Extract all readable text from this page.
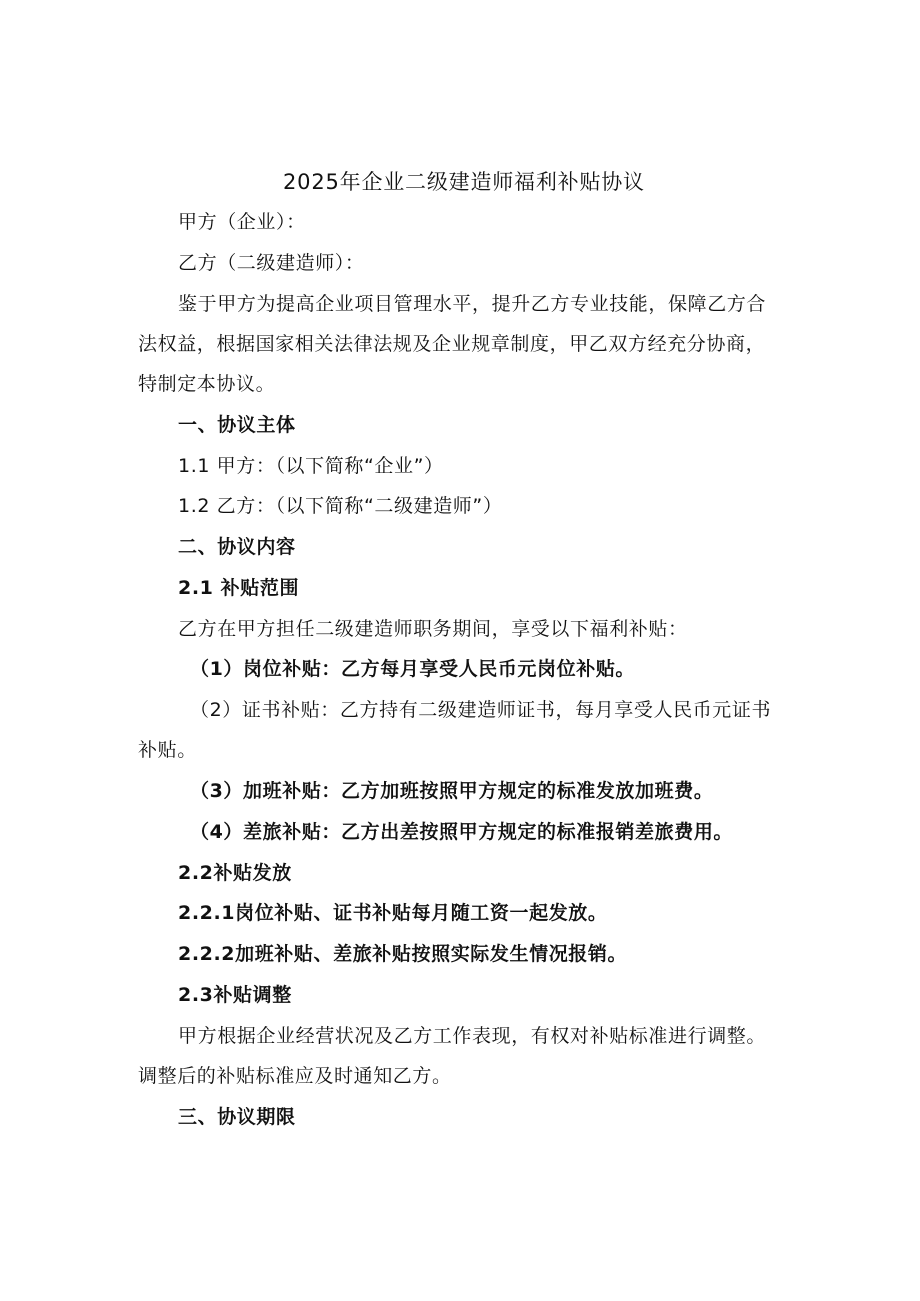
2025年企业二级建造师福利补贴协议
甲方（企业）：
乙方（二级建造师）：
鉴于甲方为提高企业项目管理水平，提升乙方专业技能，保障乙方合
法权益，根据国家相关法律法规及企业规章制度，甲乙双方经充分协商，
特制定本协议。
一、协议主体
1.1 甲方：（以下简称“企业”）
1.2 乙方：（以下简称“二级建造师”）
二、协议内容
2.1 补贴范围
乙方在甲方担任二级建造师职务期间，享受以下福利补贴：
（1）岗位补贴：乙方每月享受人民币元岗位补贴。
（2）证书补贴：乙方持有二级建造师证书，每月享受人民币元证书
补贴。
（3）加班补贴：乙方加班按照甲方规定的标准发放加班费。
（4）差旅补贴：乙方出差按照甲方规定的标准报销差旅费用。
2.2补贴发放
2.2.1岗位补贴、证书补贴每月随工资一起发放。
2.2.2加班补贴、差旅补贴按照实际发生情况报销。
2.3补贴调整
甲方根据企业经营状况及乙方工作表现，有权对补贴标准进行调整。
调整后的补贴标准应及时通知乙方。
三、协议期限
